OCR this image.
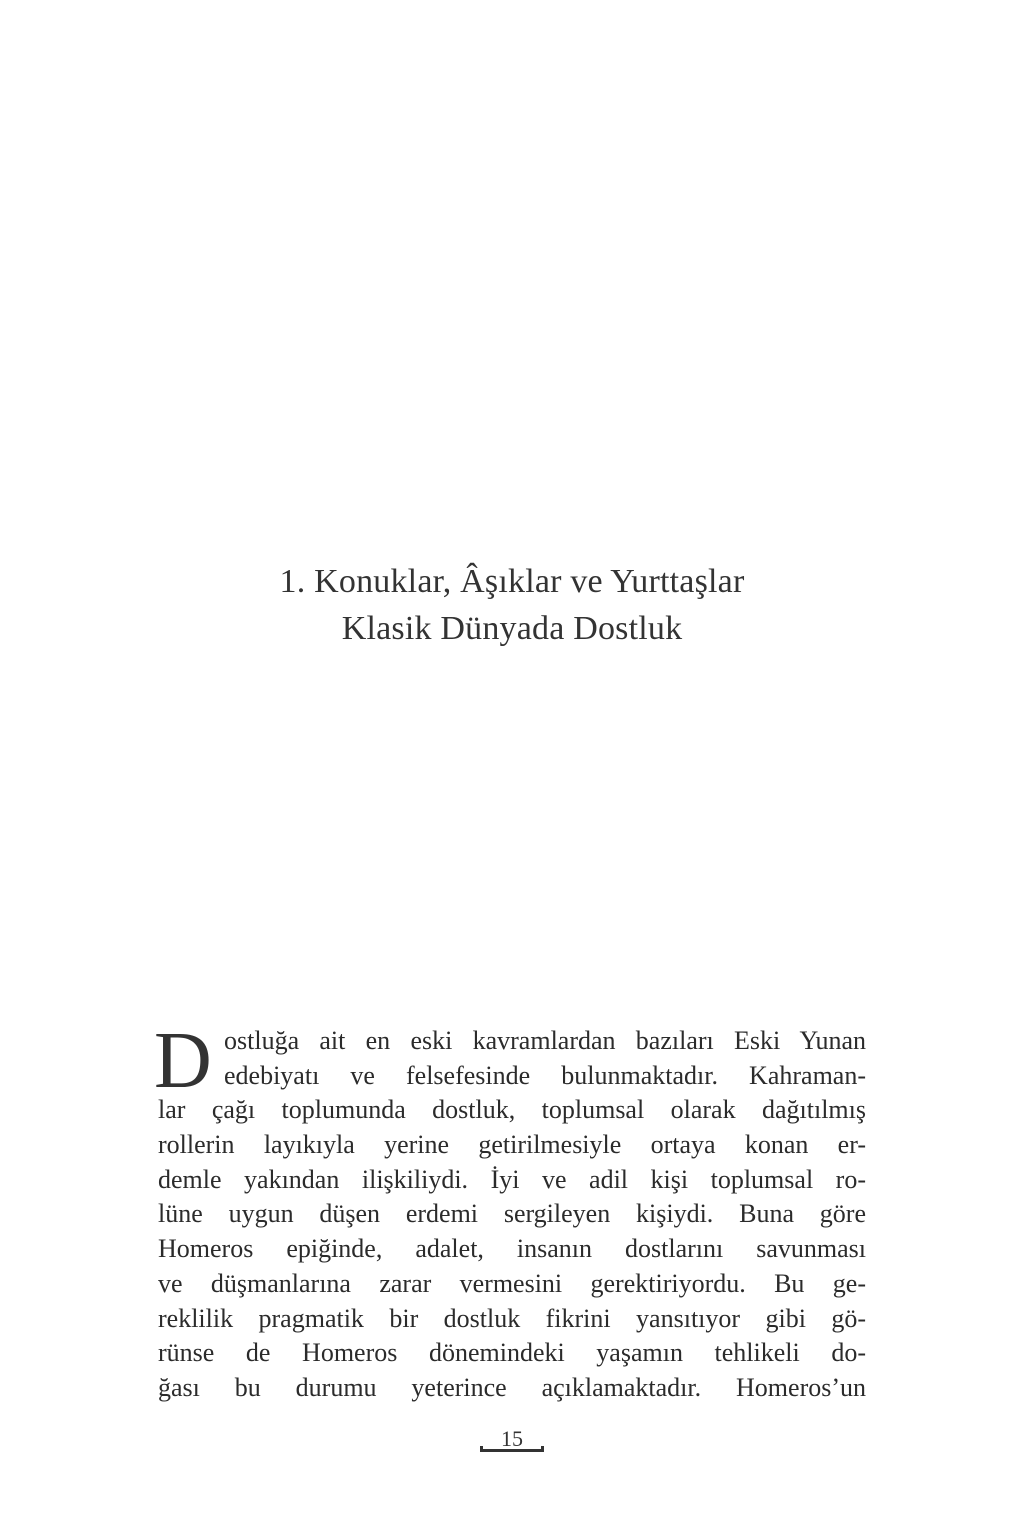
1. Konuklar, Âşıklar ve Yurttaşlar
Klasik Dünyada Dostluk
D ostluğa ait en eski kavramlardan bazıları Eski Yunan
edebiyatı ve felsefesinde bulunmaktadır. Kahraman-
lar çağı toplumunda dostluk, toplumsal olarak dağıtılmış
rollerin layıkıyla yerine getirilmesiyle ortaya konan er-
demle yakından ilişkiliydi. İyi ve adil kişi toplumsal ro-
lüne uygun düşen erdemi sergileyen kişiydi. Buna göre
Homeros epiğinde, adalet, insanın dostlarını savunması
ve düşmanlarına zarar vermesini gerektiriyordu. Bu ge-
reklilik pragmatik bir dostluk fikrini yansıtıyor gibi gö-
rünse de Homeros dönemindeki yaşamın tehlikeli do-
ğası bu durumu yeterince açıklamaktadır. Homeros’un
15
